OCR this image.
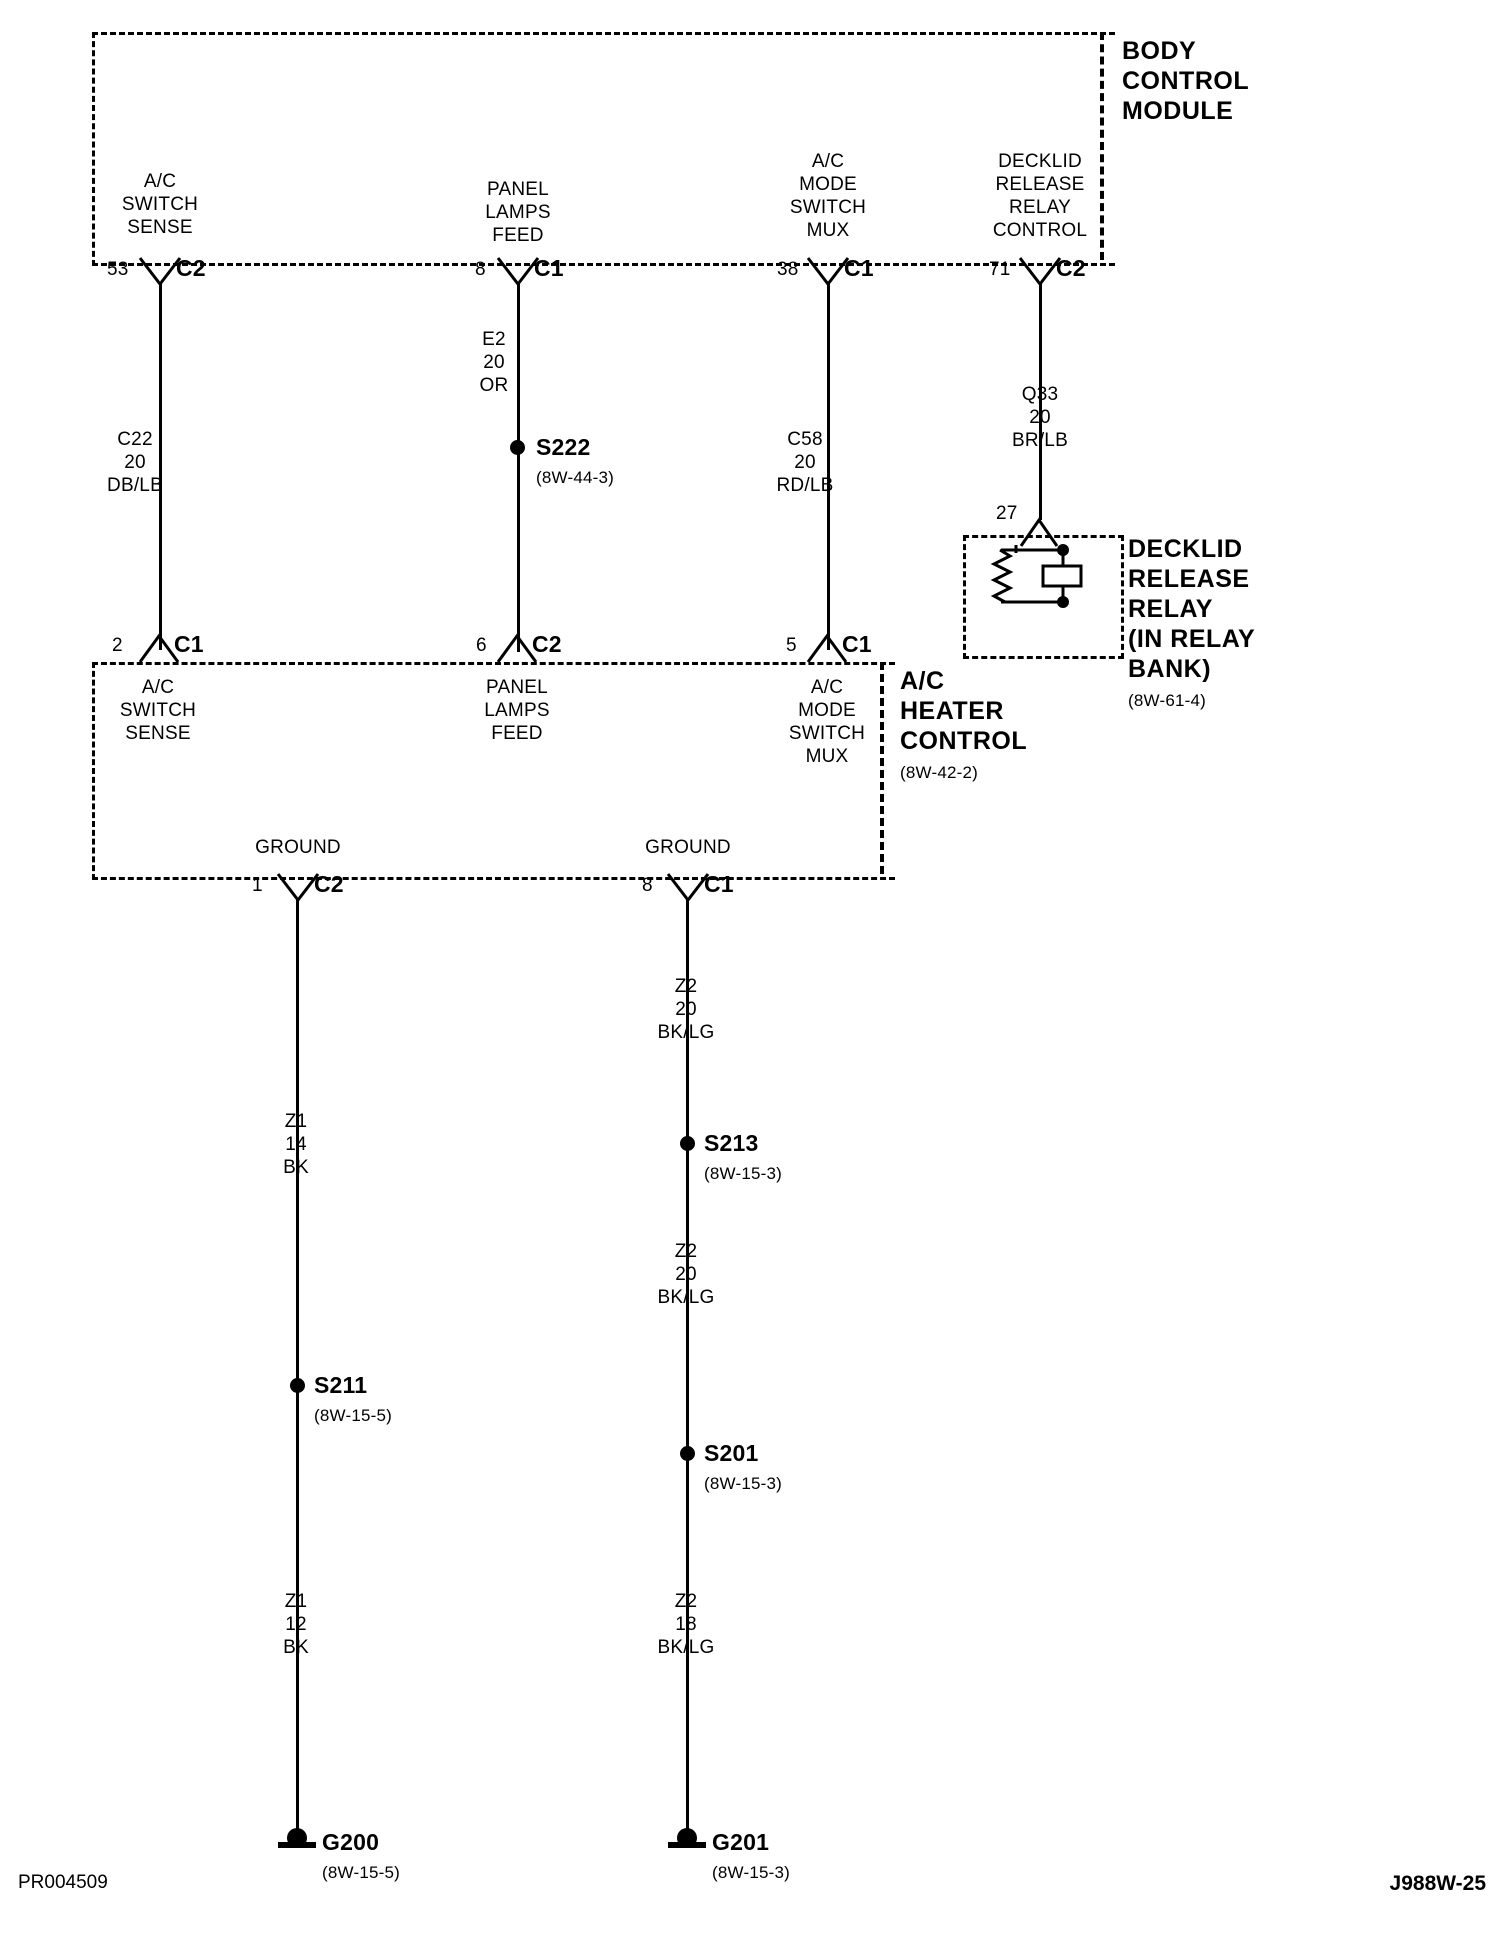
BODY
CONTROL
MODULE
A/C
SWITCH
SENSE
PANEL
LAMPS
FEED
A/C
MODE
SWITCH
MUX
DECKLID
RELEASE
RELAY
CONTROL
53 C2	8 C1	38 C1	71 C2
C22
20
DB/LB
E2
20
OR
S222
(8W-44-3)
C58
20
RD/LB
Q33
20
BR/LB
27
DECKLID
RELEASE
RELAY
(IN RELAY
BANK)
(8W-61-4)
2 C1	6 C2	5 C1
A/C
SWITCH
SENSE
PANEL
LAMPS
FEED
A/C
MODE
SWITCH
MUX
A/C
HEATER
CONTROL
(8W-42-2)
GROUND	GROUND
1 C2	8 C1
Z1
14
BK
S211
(8W-15-5)
Z1
12
BK
G200
(8W-15-5)
Z2
20
BK/LG
S213
(8W-15-3)
Z2
20
BK/LG
S201
(8W-15-3)
Z2
18
BK/LG
G201
(8W-15-3)
PR004509	J988W-25
